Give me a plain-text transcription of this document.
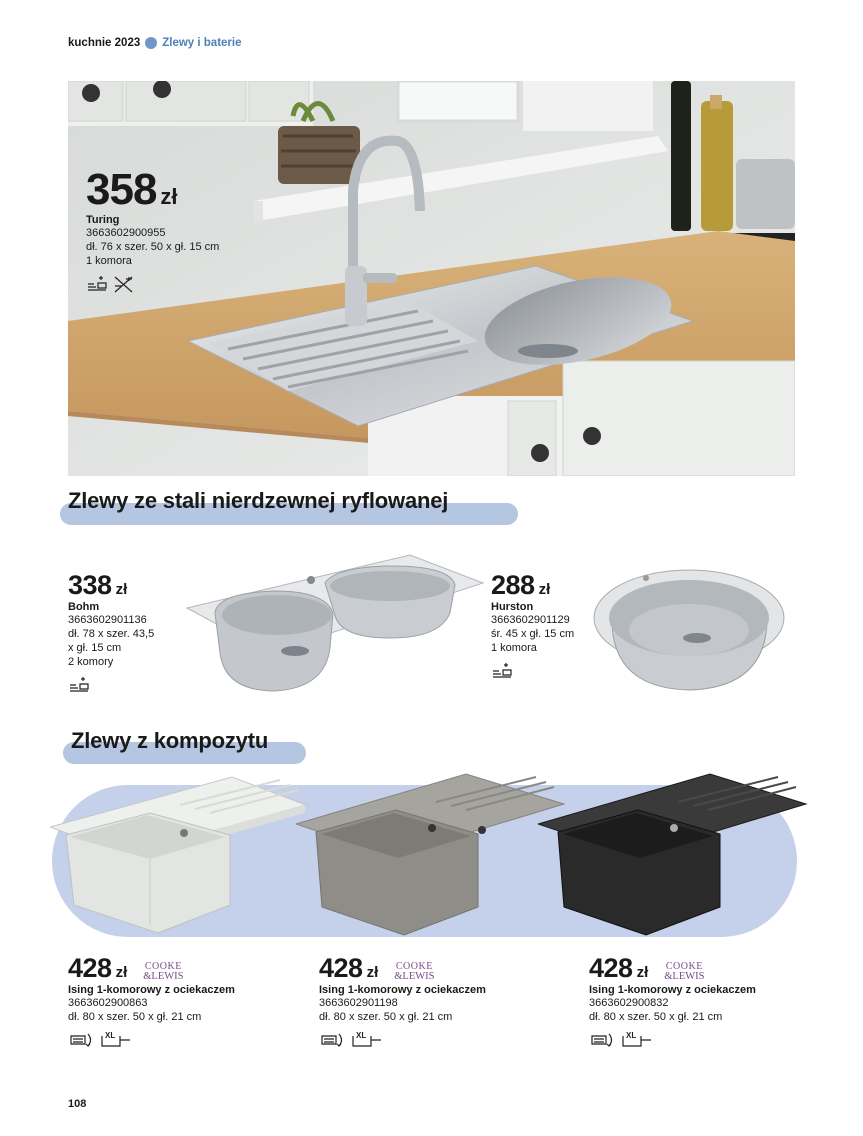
kuchnie 2023 Zlewy i baterie
358 zł
Turing
3663602900955
dł. 76 x szer. 50 x gł. 15 cm
1 komora
Zlewy ze stali nierdzewnej ryflowanej
338 zł
Bohm
3663602901136
dł. 78 x szer. 43,5
x gł. 15 cm
2 komory
288 zł
Hurston
3663602901129
śr. 45 x gł. 15 cm
1 komora
Zlewy z kompozytu
428 zł COOKE
&LEWIS
Ising 1-komorowy z ociekaczem
3663602900863
dł. 80 x szer. 50 x gł. 21 cm
XL
428 zł COOKE
&LEWIS
Ising 1-komorowy z ociekaczem
3663602901198
dł. 80 x szer. 50 x gł. 21 cm
XL
428 zł COOKE
&LEWIS
Ising 1-komorowy z ociekaczem
3663602900832
dł. 80 x szer. 50 x gł. 21 cm
XL
108
